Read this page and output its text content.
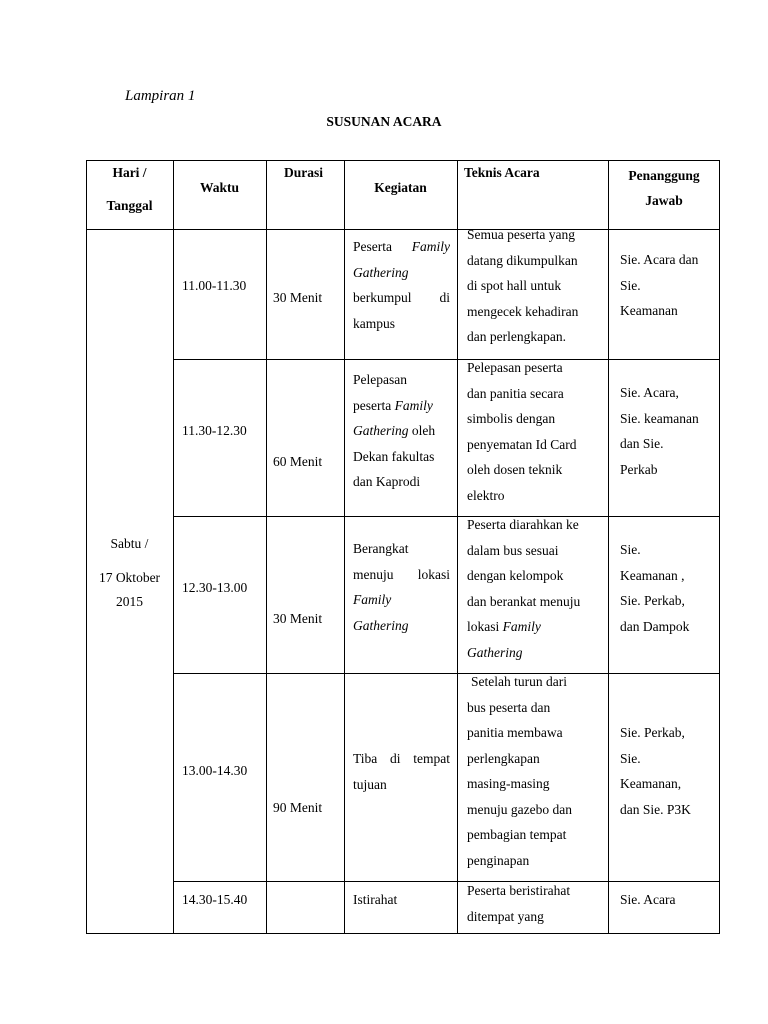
Lampiran 1
SUSUNAN ACARA
Hari /
Tanggal
Waktu
Durasi
Kegiatan
Teknis Acara	Penanggung
Jawab
Sabtu /
17 Oktober
2015
11.00-11.30
30 Menit
Peserta Family
Gathering
berkumpul di
kampus
Semua peserta yang
datang dikumpulkan
di spot hall untuk
mengecek kehadiran
dan perlengkapan.
Sie. Acara dan
Sie.
Keamanan
11.30-12.30
60 Menit
Pelepasan
peserta Family
Gathering oleh
Dekan fakultas
dan Kaprodi
Pelepasan peserta
dan panitia secara
simbolis dengan
penyematan Id Card
oleh dosen teknik
elektro
Sie. Acara,
Sie. keamanan
dan Sie.
Perkab
12.30-13.00
30 Menit
Berangkat
menuju lokasi
Family
Gathering
Peserta diarahkan ke
dalam bus sesuai
dengan kelompok
dan berankat menuju
lokasi Family
Gathering
Sie.
Keamanan ,
Sie. Perkab,
dan Dampok
13.00-14.30
90 Menit
Tiba di tempat
tujuan
Setelah turun dari
bus peserta dan
panitia membawa
perlengkapan
masing-masing
menuju gazebo dan
pembagian tempat
penginapan
Sie. Perkab,
Sie.
Keamanan,
dan Sie. P3K
14.30-15.40	Istirahat
Peserta beristirahat
ditempat yang
Sie. Acara
